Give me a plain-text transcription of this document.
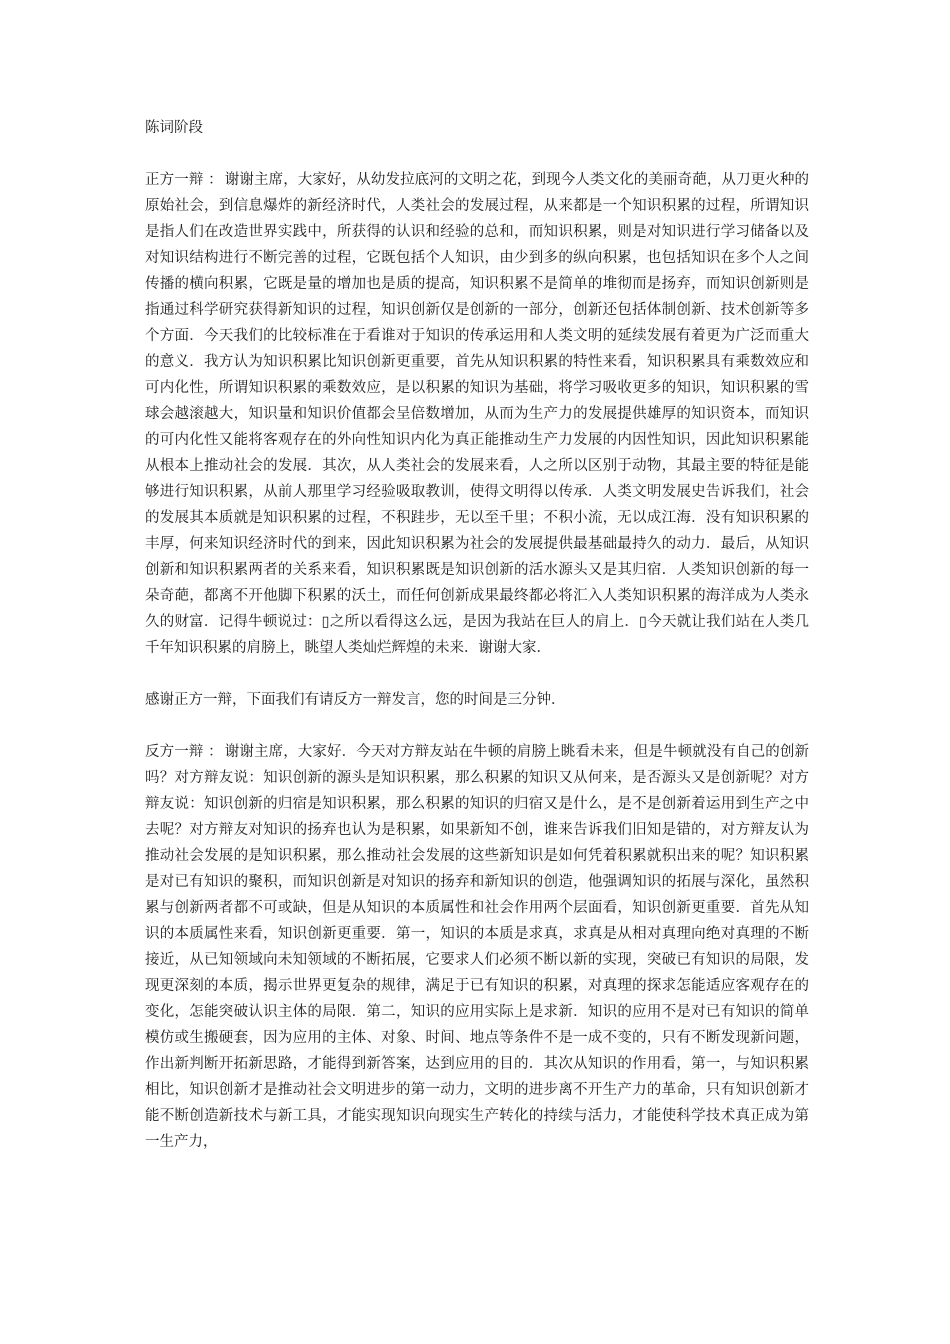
陈词阶段

正方一辩 ： 谢谢主席，大家好，从幼发拉底河的文明之花，到现今人类文化的美丽奇葩，从刀更火种的原始社会，到信息爆炸的新经济时代，人类社会的发展过程，从来都是一个知识积累的过程，所谓知识是指人们在改造世界实践中，所获得的认识和经验的总和，而知识积累，则是对知识进行学习储备以及对知识结构进行不断完善的过程，它既包括个人知识，由少到多的纵向积累，也包括知识在多个人之间传播的横向积累，它既是量的增加也是质的提高，知识积累不是简单的堆彻而是扬弃，而知识创新则是指通过科学研究获得新知识的过程，知识创新仅是创新的一部分，创新还包括体制创新、技术创新等多个方面．今天我们的比较标准在于看谁对于知识的传承运用和人类文明的延续发展有着更为广泛而重大的意义．我方认为知识积累比知识创新更重要，首先从知识积累的特性来看，知识积累具有乘数效应和可内化性，所谓知识积累的乘数效应，是以积累的知识为基础，将学习吸收更多的知识，知识积累的雪球会越滚越大，知识量和知识价值都会呈倍数增加，从而为生产力的发展提供雄厚的知识资本，而知识的可内化性又能将客观存在的外向性知识内化为真正能推动生产力发展的内因性知识，因此知识积累能从根本上推动社会的发展．其次，从人类社会的发展来看，人之所以区别于动物，其最主要的特征是能够进行知识积累，从前人那里学习经验吸取教训，使得文明得以传承．人类文明发展史告诉我们，社会的发展其本质就是知识积累的过程，不积跬步，无以至千里；不积小流，无以成江海．没有知识积累的丰厚，何来知识经济时代的到来，因此知识积累为社会的发展提供最基础最持久的动力．最后，从知识创新和知识积累两者的关系来看，知识积累既是知识创新的活水源头又是其归宿．人类知识创新的每一朵奇葩，都离不开他脚下积累的沃土，而任何创新成果最终都必将汇入人类知识积累的海洋成为人类永久的财富．记得牛顿说过：▯之所以看得这么远，是因为我站在巨人的肩上．▯今天就让我们站在人类几千年知识积累的肩膀上，眺望人类灿烂辉煌的未来．谢谢大家．

感谢正方一辩，下面我们有请反方一辩发言，您的时间是三分钟．

反方一辩 ： 谢谢主席，大家好．今天对方辩友站在牛顿的肩膀上眺看未来，但是牛顿就没有自己的创新吗？对方辩友说：知识创新的源头是知识积累，那么积累的知识又从何来，是否源头又是创新呢？对方辩友说：知识创新的归宿是知识积累，那么积累的知识的归宿又是什么，是不是创新着运用到生产之中去呢？对方辩友对知识的扬弃也认为是积累，如果新知不创，谁来告诉我们旧知是错的，对方辩友认为推动社会发展的是知识积累，那么推动社会发展的这些新知识是如何凭着积累就积出来的呢？知识积累是对已有知识的聚积，而知识创新是对知识的扬弃和新知识的创造，他强调知识的拓展与深化，虽然积累与创新两者都不可或缺，但是从知识的本质属性和社会作用两个层面看，知识创新更重要．首先从知识的本质属性来看，知识创新更重要．第一，知识的本质是求真，求真是从相对真理向绝对真理的不断接近，从已知领域向未知领域的不断拓展，它要求人们必须不断以新的实现，突破已有知识的局限，发现更深刻的本质，揭示世界更复杂的规律，满足于已有知识的积累，对真理的探求怎能适应客观存在的变化，怎能突破认识主体的局限．第二，知识的应用实际上是求新．知识的应用不是对已有知识的简单模仿或生搬硬套，因为应用的主体、对象、时间、地点等条件不是一成不变的，只有不断发现新问题，作出新判断开拓新思路，才能得到新答案，达到应用的目的．其次从知识的作用看，第一，与知识积累相比，知识创新才是推动社会文明进步的第一动力，文明的进步离不开生产力的革命，只有知识创新才能不断创造新技术与新工具，才能实现知识向现实生产转化的持续与活力，才能使科学技术真正成为第一生产力，
